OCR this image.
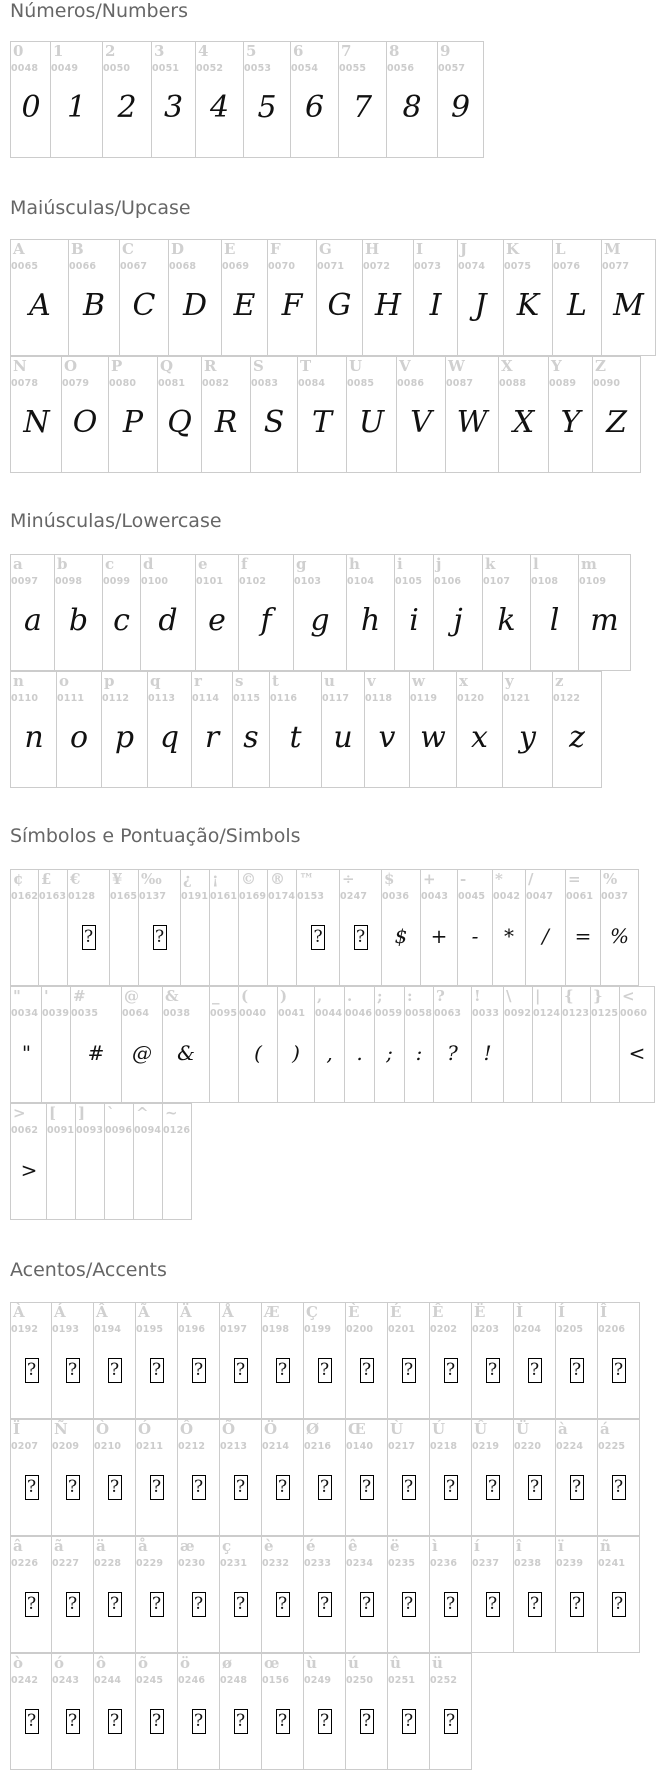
Números/Numbers
0
0048
0
1
0049
1
2
0050
2
3
0051
3
4
0052
4
5
0053
5
6
0054
6
7
0055
7
8
0056
8
9
0057
9
Maiúsculas/Upcase
A
0065
A
B
0066
B
C
0067
C
D
0068
D
E
0069
E
F
0070
F
G
0071
G
H
0072
H
I
0073
I
J
0074
J
K
0075
K
L
0076
L
M
0077
M
N
0078
N
O
0079
O
P
0080
P
Q
0081
Q
R
0082
R
S
0083
S
T
0084
T
U
0085
U
V
0086
V
W
0087
W
X
0088
X
Y
0089
Y
Z
0090
Z
Minúsculas/Lowercase
a
0097
a
b
0098
b
c
0099
c
d
0100
d
e
0101
e
f
0102
f
g
0103
g
h
0104
h
i
0105
i
j
0106
j
k
0107
k
l
0108
l
m
0109
m
n
0110
n
o
0111
o
p
0112
p
q
0113
q
r
0114
r
s
0115
s
t
0116
t
u
0117
u
v
0118
v
w
0119
w
x
0120
x
y
0121
y
z
0122
z
Símbolos e Pontuação/Simbols
¢
0162
£
0163
€
0128
?
¥
0165
‰
0137
?
¿
0191
¡
0161
©
0169
®
0174
™
0153
?
÷
0247
?
$
0036
$
+
0043
+
-
0045
-
*
0042
*
/
0047
/
=
0061
=
%
0037
%
"
0034
"
'
0039
#
0035
#
@
0064
@
&
0038
&
_
0095
(
0040
(
)
0041
)
,
0044
,
.
0046
.
;
0059
;
:
0058
:
?
0063
?
!
0033
!
\
0092
|
0124
{
0123
}
0125
<
0060
<
>
0062
>
[
0091
]
0093
`
0096
^
0094
~
0126
Acentos/Accents
À
0192
?
Á
0193
?
Â
0194
?
Ã
0195
?
Ä
0196
?
Å
0197
?
Æ
0198
?
Ç
0199
?
È
0200
?
É
0201
?
Ê
0202
?
Ë
0203
?
Ì
0204
?
Í
0205
?
Î
0206
?
Ï
0207
?
Ñ
0209
?
Ò
0210
?
Ó
0211
?
Ô
0212
?
Õ
0213
?
Ö
0214
?
Ø
0216
?
Œ
0140
?
Ù
0217
?
Ú
0218
?
Û
0219
?
Ü
0220
?
à
0224
?
á
0225
?
â
0226
?
ã
0227
?
ä
0228
?
å
0229
?
æ
0230
?
ç
0231
?
è
0232
?
é
0233
?
ê
0234
?
ë
0235
?
ì
0236
?
í
0237
?
î
0238
?
ï
0239
?
ñ
0241
?
ò
0242
?
ó
0243
?
ô
0244
?
õ
0245
?
ö
0246
?
ø
0248
?
œ
0156
?
ù
0249
?
ú
0250
?
û
0251
?
ü
0252
?
